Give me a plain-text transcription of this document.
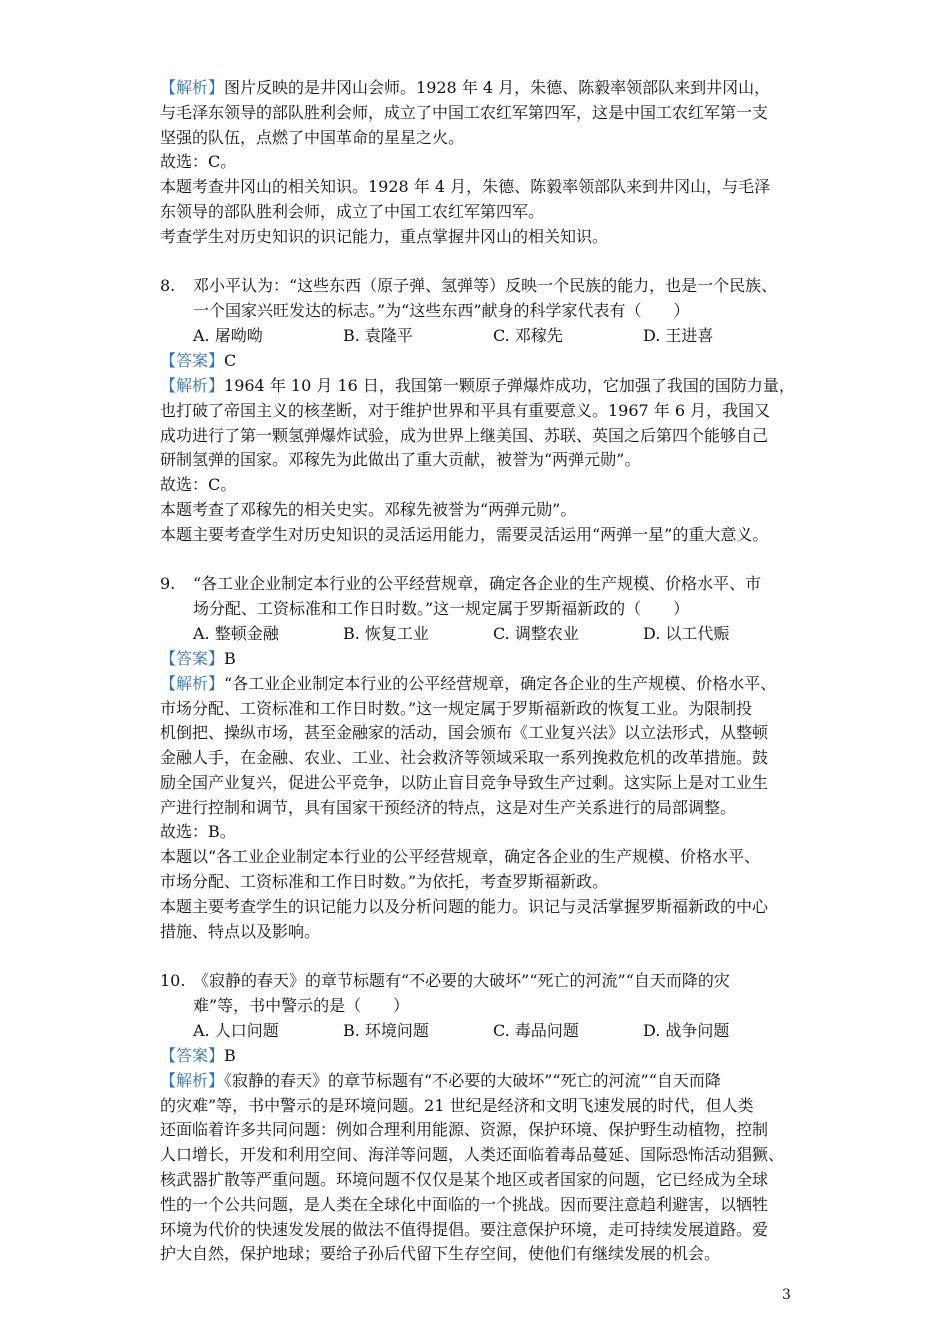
【解析】图片反映的是井冈山会师。1928 年 4 月，朱德、陈毅率领部队来到井冈山，
与毛泽东领导的部队胜利会师，成立了中国工农红军第四军，这是中国工农红军第一支
坚强的队伍，点燃了中国革命的星星之火。
故选：C。
本题考查井冈山的相关知识。1928 年 4 月，朱德、陈毅率领部队来到井冈山，与毛泽
东领导的部队胜利会师，成立了中国工农红军第四军。
考查学生对历史知识的识记能力，重点掌握井冈山的相关知识。
8. 邓小平认为：“这些东西（原子弹、氢弹等）反映一个民族的能力，也是一个民族、
一个国家兴旺发达的标志。”为“这些东西”献身的科学家代表有（　　）
A. 屠呦呦	B. 袁隆平	C. 邓稼先	D. 王进喜
【答案】C
【解析】1964 年 10 月 16 日，我国第一颗原子弹爆炸成功，它加强了我国的国防力量，
也打破了帝国主义的核垄断，对于维护世界和平具有重要意义。1967 年 6 月，我国又
成功进行了第一颗氢弹爆炸试验，成为世界上继美国、苏联、英国之后第四个能够自己
研制氢弹的国家。邓稼先为此做出了重大贡献，被誉为“两弹元勋”。
故选：C。
本题考查了邓稼先的相关史实。邓稼先被誉为“两弹元勋”。
本题主要考查学生对历史知识的灵活运用能力，需要灵活运用“两弹一星”的重大意义。
9. “各工业企业制定本行业的公平经营规章，确定各企业的生产规模、价格水平、市
场分配、工资标准和工作日时数。”这一规定属于罗斯福新政的（　　）
A. 整顿金融	B. 恢复工业	C. 调整农业	D. 以工代赈
【答案】B
【解析】“各工业企业制定本行业的公平经营规章，确定各企业的生产规模、价格水平、
市场分配、工资标准和工作日时数。”这一规定属于罗斯福新政的恢复工业。为限制投
机倒把、操纵市场，甚至金融家的活动，国会颁布《工业复兴法》以立法形式，从整顿
金融人手，在金融、农业、工业、社会救济等领域采取一系列挽救危机的改革措施。鼓
励全国产业复兴，促进公平竞争，以防止盲目竞争导致生产过剩。这实际上是对工业生
产进行控制和调节，具有国家干预经济的特点，这是对生产关系进行的局部调整。
故选：B。
本题以“各工业企业制定本行业的公平经营规章，确定各企业的生产规模、价格水平、
市场分配、工资标准和工作日时数。”为依托，考查罗斯福新政。
本题主要考查学生的识记能力以及分析问题的能力。识记与灵活掌握罗斯福新政的中心
措施、特点以及影响。
10. 《寂静的春天》的章节标题有“不必要的大破坏”“死亡的河流”“自天而降的灾
难”等，书中警示的是（　　）
A. 人口问题	B. 环境问题	C. 毒品问题	D. 战争问题
【答案】B
【解析】《寂静的春天》的章节标题有“不必要的大破坏”“死亡的河流”“自天而降
的灾难”等，书中警示的是环境问题。21 世纪是经济和文明飞速发展的时代，但人类
还面临着许多共同问题：例如合理利用能源、资源，保护环境、保护野生动植物，控制
人口增长，开发和利用空间、海洋等问题，人类还面临着毒品蔓延、国际恐怖活动猖獗、
核武器扩散等严重问题。环境问题不仅仅是某个地区或者国家的问题，它已经成为全球
性的一个公共问题，是人类在全球化中面临的一个挑战。因而要注意趋利避害，以牺牲
环境为代价的快速发发展的做法不值得提倡。要注意保护环境，走可持续发展道路。爱
护大自然，保护地球；要给子孙后代留下生存空间，使他们有继续发展的机会。
3
